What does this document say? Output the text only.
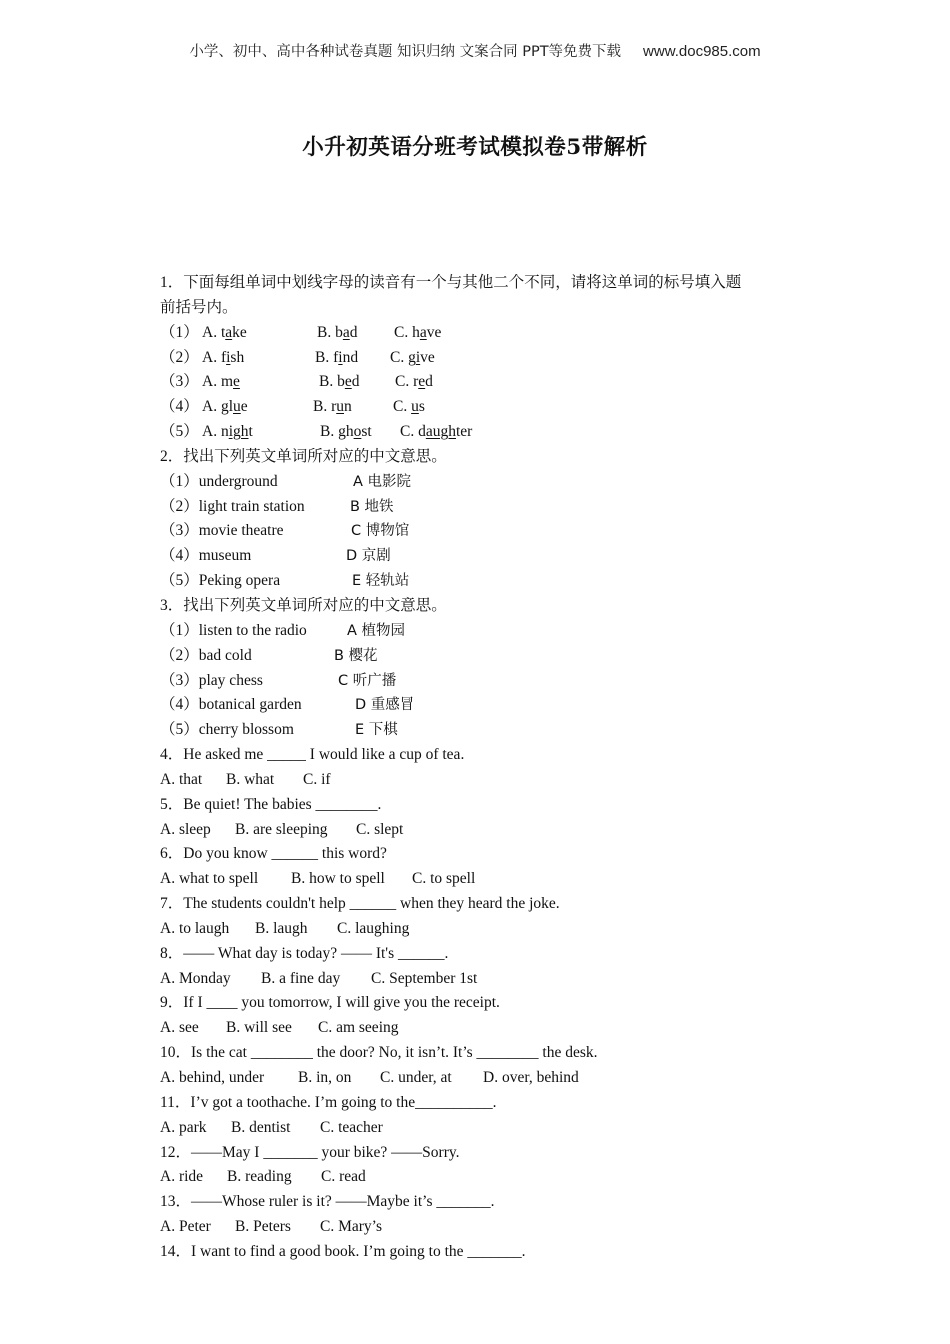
小学、初中、高中各种试卷真题 知识归纳 文案合同 PPT等免费下载 www.doc985.com
小升初英语分班考试模拟卷5带解析
1．下面每组单词中划线字母的读音有一个与其他二个不同，请将这单词的标号填入题
前括号内。
（1） A. take	B. bad C. have
（2） A. fish	B. find C. give
（3） A. me	B. bed C. red
（4） A. glue	B. run	C. us
（5） A. night	B. ghost C. daughter
2．找出下列英文单词所对应的中文意思。
（1）underground	A 电影院
（2）light train station	B 地铁
（3）movie theatre	C 博物馆
（4）museum	D 京剧
（5）Peking opera	E 轻轨站
3．找出下列英文单词所对应的中文意思。
（1）listen to the radio	A 植物园
（2）bad cold	B 樱花
（3）play chess	C 听广播
（4）botanical garden	D 重感冒
（5）cherry blossom	E 下棋
4．He asked me _____ I would like a cup of tea.
A. that B. what C. if
5．Be quiet! The babies ________.
A. sleep B. are sleeping C. slept
6．Do you know ______ this word?
A. what to spell B. how to spell C. to spell
7．The students couldn't help ______ when they heard the joke.
A. to laugh B. laugh C. laughing
8．—— What day is today? —— It's ______.
A. Monday B. a fine day C. September 1st
9．If I ____ you tomorrow, I will give you the receipt.
A. see B. will see C. am seeing
10．Is the cat ________ the door? No, it isn’t. It’s ________ the desk.
A. behind, under B. in, on C. under, at D. over, behind
11．I’v got a toothache. I’m going to the__________.
A. park B. dentist C. teacher
12．——May I _______ your bike? ——Sorry.
A. ride B. reading C. read
13．——Whose ruler is it? ——Maybe it’s _______.
A. Peter B. Peters C. Mary’s
14．I want to find a good book. I’m going to the _______.
